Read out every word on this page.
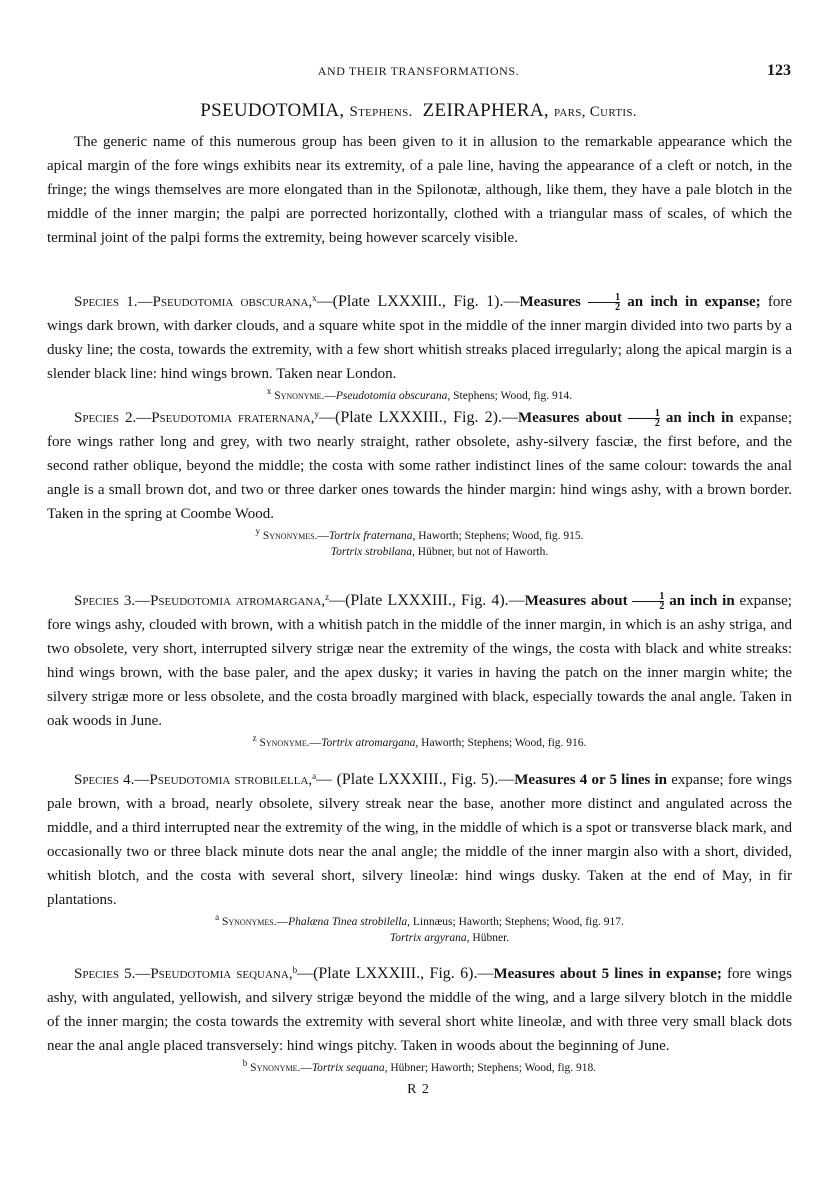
AND THEIR TRANSFORMATIONS.	123
PSEUDOTOMIA, Stephens. ZEIRAPHERA, pars, Curtis.

The generic name of this numerous group has been given to it in allusion to the remarkable appearance which the apical margin of the fore wings exhibits near its extremity, of a pale line, having the appearance of a cleft or notch, in the fringe; the wings themselves are more elongated than in the Spilonotæ, although, like them, they have a pale blotch in the middle of the inner margin; the palpi are porrected horizontally, clothed with a triangular mass of scales, of which the terminal joint of the palpi forms the extremity, being however scarcely visible.

Species 1.—Pseudotomia obscurana,$^x$—(Plate LXXXIII., Fig. 1).—Measures $\frac{1}{2}$ an inch in expanse; fore wings dark brown, with darker clouds, and a square white spot in the middle of the inner margin divided into two parts by a dusky line; the costa, towards the extremity, with a few short whitish streaks placed irregularly; along the apical margin is a slender black line: hind wings brown. Taken near London.

$^x$ Synonyme.—Pseudotomia obscurana, Stephens; Wood, fig. 914.

Species 2.—Pseudotomia fraternana,$^y$—(Plate LXXXIII., Fig. 2).—Measures about $\frac{1}{2}$ an inch in expanse; fore wings rather long and grey, with two nearly straight, rather obsolete, ashy-silvery fasciæ, the first before, and the second rather oblique, beyond the middle; the costa with some rather indistinct lines of the same colour: towards the anal angle is a small brown dot, and two or three darker ones towards the hinder margin: hind wings ashy, with a brown border. Taken in the spring at Coombe Wood.

$^y$ Synonymes.—Tortrix fraternana, Haworth; Stephens; Wood, fig. 915.

Tortrix strobilana, Hübner, but not of Haworth.

Species 3.—Pseudotomia atromargana,$^z$—(Plate LXXXIII., Fig. 4).—Measures about $\frac{1}{2}$ an inch in expanse; fore wings ashy, clouded with brown, with a whitish patch in the middle of the inner margin, in which is an ashy striga, and two obsolete, very short, interrupted silvery strigæ near the extremity of the wings, the costa with black and white streaks: hind wings brown, with the base paler, and the apex dusky; it varies in having the patch on the inner margin white; the silvery strigæ more or less obsolete, and the costa broadly margined with black, especially towards the anal angle. Taken in oak woods in June.

$^z$ Synonyme.—Tortrix atromargana, Haworth; Stephens; Wood, fig. 916.

Species 4.—Pseudotomia strobilella,$^a$— (Plate LXXXIII., Fig. 5).—Measures 4 or 5 lines in expanse; fore wings pale brown, with a broad, nearly obsolete, silvery streak near the base, another more distinct and angulated across the middle, and a third interrupted near the extremity of the wing, in the middle of which is a spot or transverse black mark, and occasionally two or three black minute dots near the anal angle; the middle of the inner margin also with a short, divided, whitish blotch, and the costa with several short, silvery lineolæ: hind wings dusky. Taken at the end of May, in fir plantations.

$^a$ Synonymes.—Phalæna Tinea strobilella, Linnæus; Haworth; Stephens; Wood, fig. 917.

Tortrix argyrana, Hübner.

Species 5.—Pseudotomia sequana,$^b$—(Plate LXXXIII., Fig. 6).—Measures about 5 lines in expanse; fore wings ashy, with angulated, yellowish, and silvery strigæ beyond the middle of the wing, and a large silvery blotch in the middle of the inner margin; the costa towards the extremity with several short white lineolæ, and with three very small black dots near the anal angle placed transversely: hind wings pitchy. Taken in woods about the beginning of June.

$^b$ Synonyme.—Tortrix sequana, Hübner; Haworth; Stephens; Wood, fig. 918.

R 2
